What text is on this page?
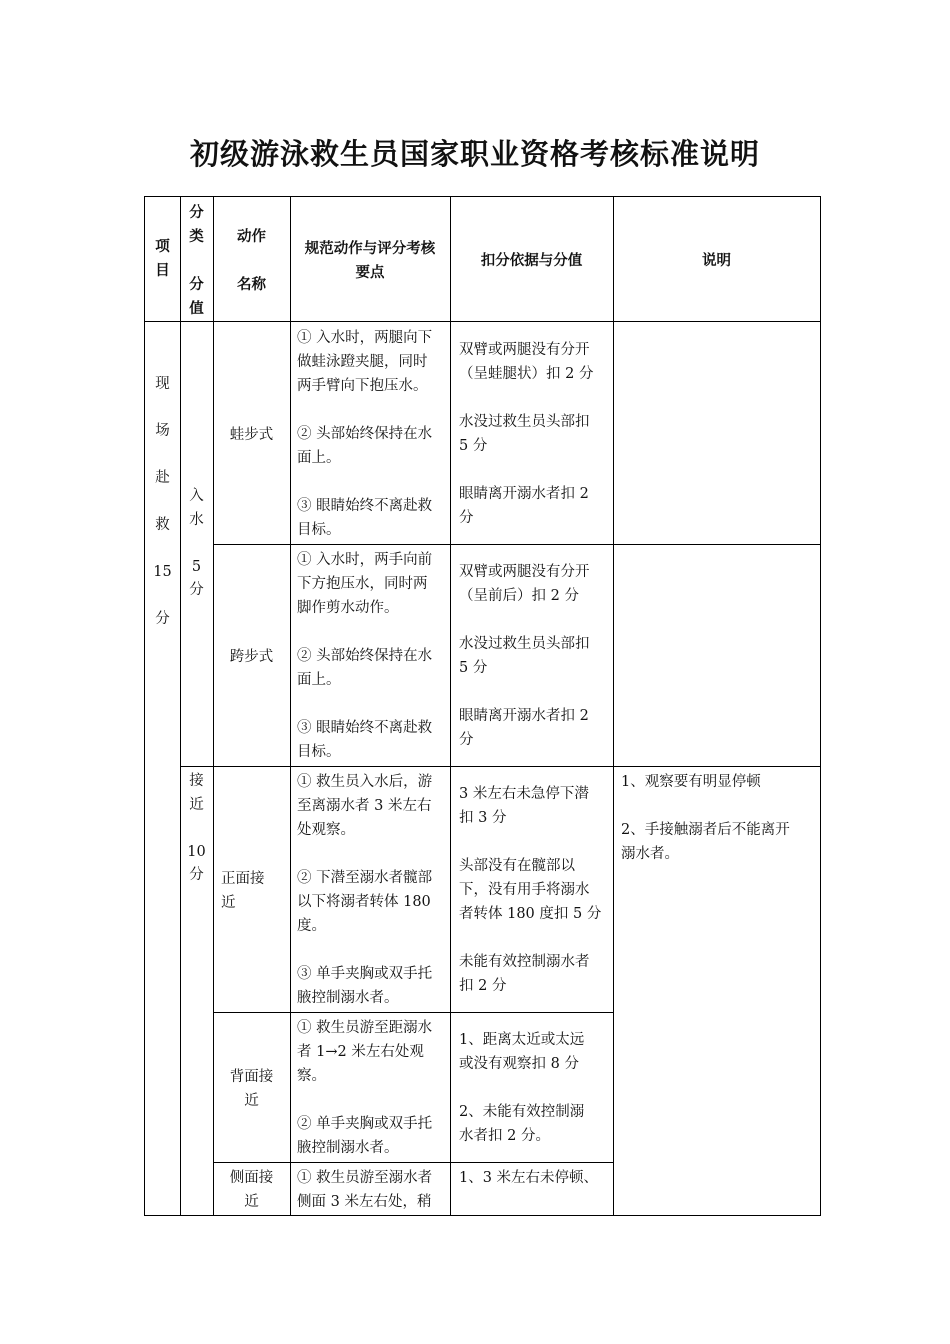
初级游泳救生员国家职业资格考核标准说明
项
目
分
类

分
值
动作

名称
规范动作与评分考核
要点
扣分依据与分值	说明
现

场

赴

救

15

分
入
水

5
分
接
近

10
分
蛙步式
① 入水时，两腿向下
做蛙泳蹬夹腿，同时
两手臂向下抱压水。
② 头部始终保持在水
面上。
③ 眼睛始终不离赴救
目标。
双臂或两腿没有分开
（呈蛙腿状）扣 2 分
水没过救生员头部扣
5 分
眼睛离开溺水者扣 2
分
跨步式
① 入水时，两手向前
下方抱压水，同时两
脚作剪水动作。
② 头部始终保持在水
面上。
③ 眼睛始终不离赴救
目标。
双臂或两腿没有分开
（呈前后）扣 2 分
水没过救生员头部扣
5 分
眼睛离开溺水者扣 2
分
正面接
近
① 救生员入水后，游
至离溺水者 3 米左右
处观察。
② 下潜至溺水者髋部
以下将溺者转体 180
度。
③ 单手夹胸或双手托
腋控制溺水者。
3 米左右未急停下潜
扣 3 分
头部没有在髋部以
下，没有用手将溺水
者转体 180 度扣 5 分
未能有效控制溺水者
扣 2 分
1、观察要有明显停顿
2、手接触溺者后不能离开
溺水者。
背面接
近
① 救生员游至距溺水
者 1→2 米左右处观
察。
② 单手夹胸或双手托
腋控制溺水者。
1、距离太近或太远
或没有观察扣 8 分
2、未能有效控制溺
水者扣 2 分。
侧面接
近
① 救生员游至溺水者
侧面 3 米左右处，稍
1、3 米左右未停顿、
